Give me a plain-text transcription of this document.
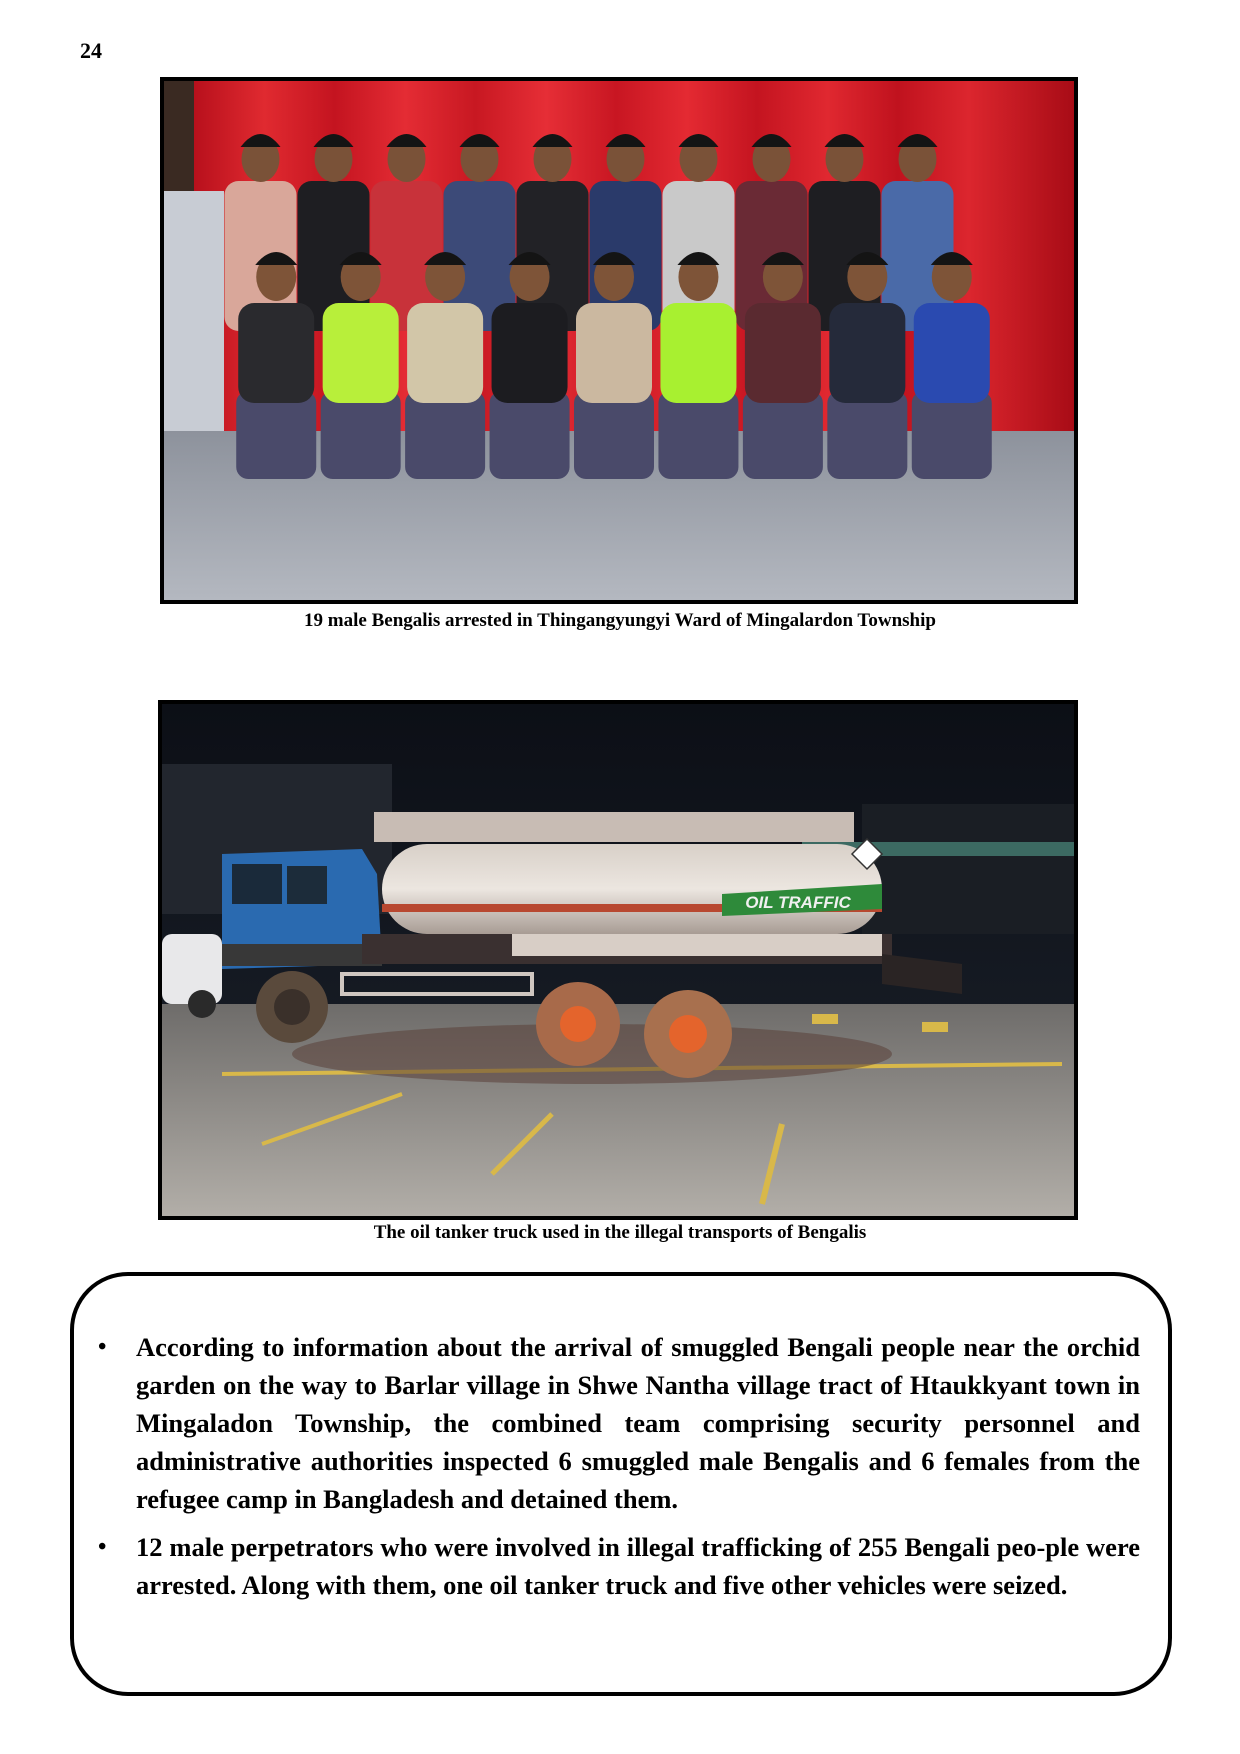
24
19 male Bengalis arrested in Thingangyungyi Ward of Mingalardon Township
OIL TRAFFIC
The oil tanker truck used in the illegal transports of Bengalis
• According to information about the arrival of smuggled Bengali people near the orchid garden on the way to Barlar village in Shwe Nantha village tract of Htaukkyant town in Mingaladon Township, the combined team comprising security personnel and administrative authorities inspected 6 smuggled male Bengalis and 6 females from the refugee camp in Bangladesh and detained them.
• 12 male perpetrators who were involved in illegal trafficking of 255 Bengali peo-ple were arrested. Along with them, one oil tanker truck and five other vehicles were seized.
